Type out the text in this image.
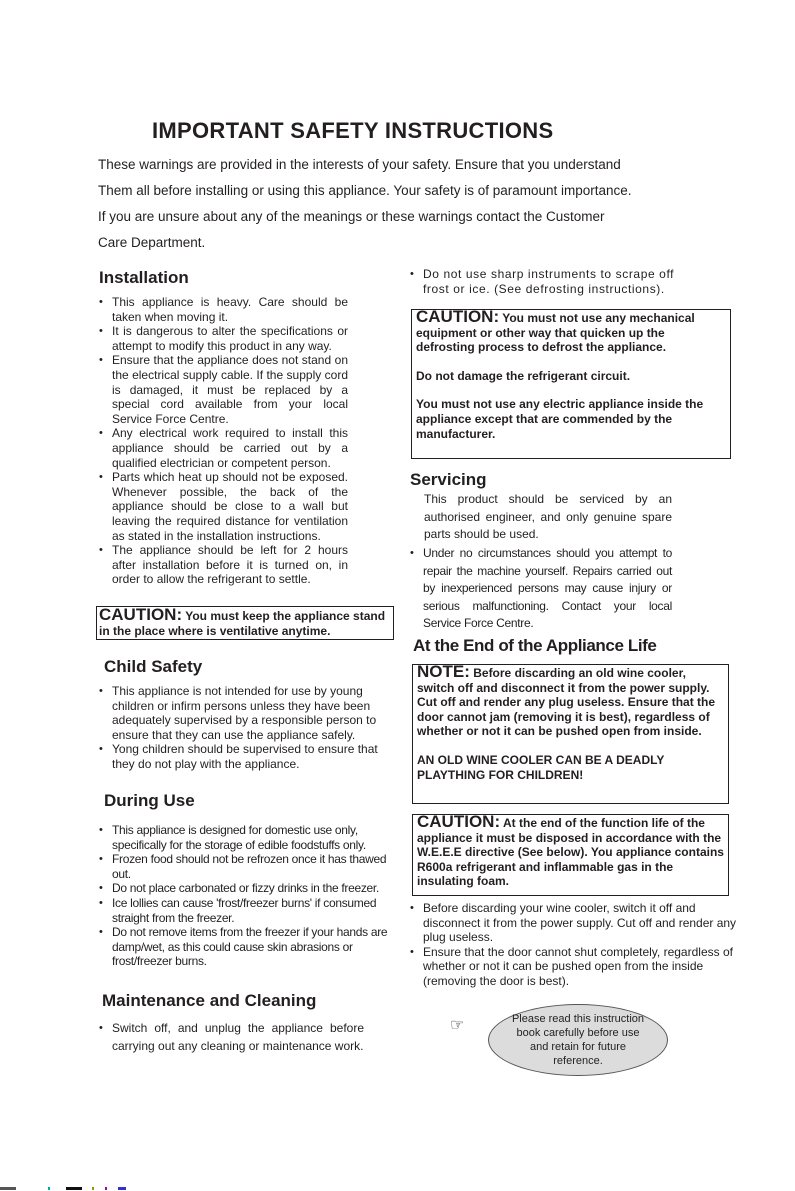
IMPORTANT SAFETY INSTRUCTIONS
These warnings are provided in the interests of your safety. Ensure that you understand
Them all before installing or using this appliance. Your safety is of paramount importance.
If you are unsure about any of the meanings or these warnings contact the Customer
Care Department.
Installation
• This appliance is heavy. Care should be taken when moving it.
• It is dangerous to alter the specifications or attempt to modify this product in any way.
• Ensure that the appliance does not stand on the electrical supply cable. If the supply cord is damaged, it must be replaced by a special cord available from your local Service Force Centre.
• Any electrical work required to install this appliance should be carried out by a qualified electrician or competent person.
• Parts which heat up should not be exposed. Whenever possible, the back of the appliance should be close to a wall but leaving the required distance for ventilation as stated in the installation instructions.
• The appliance should be left for 2 hours after installation before it is turned on, in order to allow the refrigerant to settle.
CAUTION: You must keep the appliance stand in the place where is ventilative anytime.
Child Safety
• This appliance is not intended for use by young children or infirm persons unless they have been adequately supervised by a responsible person to ensure that they can use the appliance safely.
• Yong children should be supervised to ensure that they do not play with the appliance.
During Use
• This appliance is designed for domestic use only, specifically for the storage of edible foodstuffs only.
• Frozen food should not be refrozen once it has thawed out.
• Do not place carbonated or fizzy drinks in the freezer.
• Ice lollies can cause 'frost/freezer burns' if consumed straight from the freezer.
• Do not remove items from the freezer if your hands are damp/wet, as this could cause skin abrasions or frost/freezer burns.
Maintenance and Cleaning
• Switch off, and unplug the appliance before carrying out any cleaning or maintenance work.
• Do not use sharp instruments to scrape off frost or ice. (See defrosting instructions).

CAUTION: You must not use any mechanical equipment or other way that quicken up the defrosting process to defrost the appliance.

Do not damage the refrigerant circuit.

You must not use any electric appliance inside the appliance except that are commended by the manufacturer.

Servicing
This product should be serviced by an authorised engineer, and only genuine spare parts should be used.
• Under no circumstances should you attempt to repair the machine yourself. Repairs carried out by inexperienced persons may cause injury or serious malfunctioning. Contact your local Service Force Centre.
At the End of the Appliance Life

NOTE: Before discarding an old wine cooler, switch off and disconnect it from the power supply. Cut off and render any plug useless. Ensure that the door cannot jam (removing it is best), regardless of whether or not it can be pushed open from inside.

AN OLD WINE COOLER CAN BE A DEADLY PLAYTHING FOR CHILDREN!

CAUTION: At the end of the function life of the appliance it must be disposed in accordance with the W.E.E.E directive (See below). You appliance contains R600a refrigerant and inflammable gas in the insulating foam.
• Before discarding your wine cooler, switch it off and disconnect it from the power supply. Cut off and render any plug useless.
• Ensure that the door cannot shut completely, regardless of whether or not it can be pushed open from the inside (removing the door is best).
☞	Please read this instruction book carefully before use and retain for future reference.
